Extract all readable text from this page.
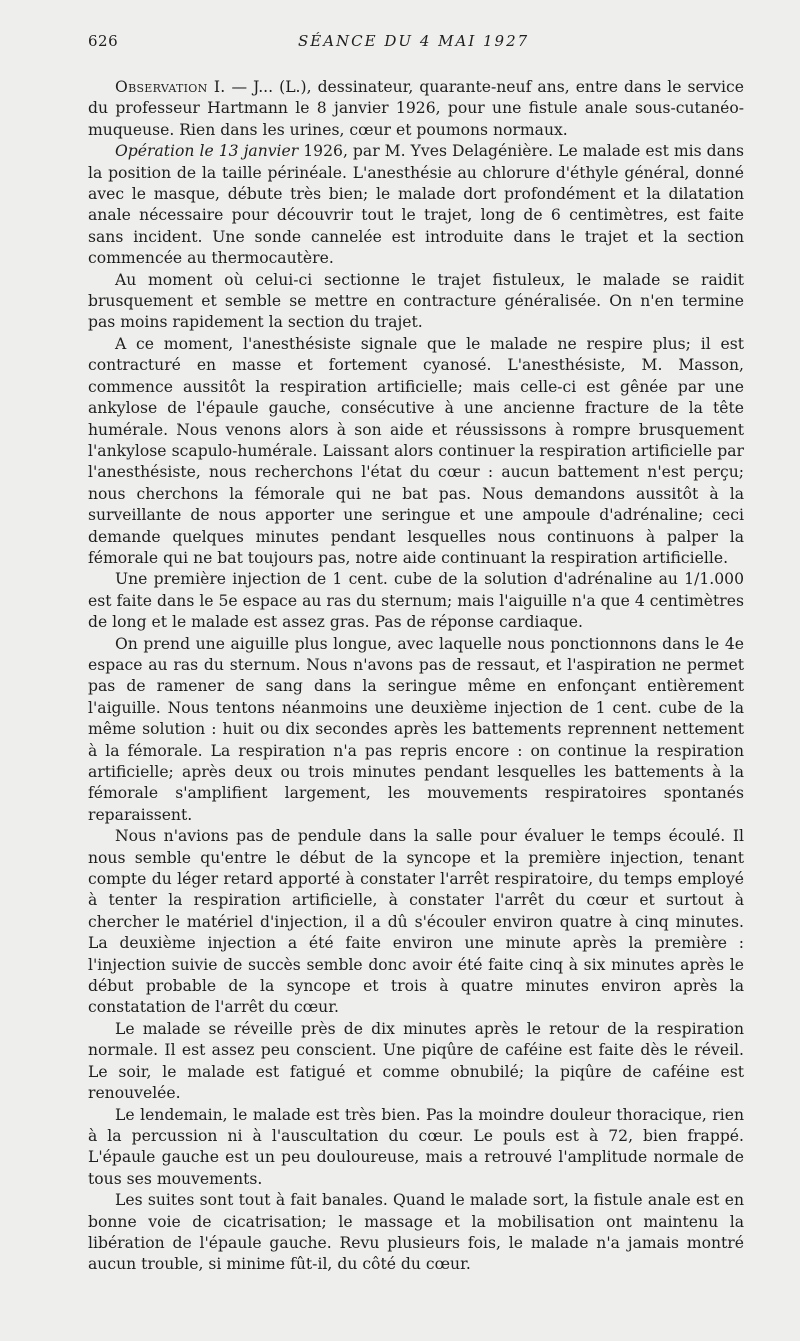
626	SÉANCE DU 4 MAI 1927

Observation I. — J... (L.), dessinateur, quarante-neuf ans, entre dans le service du professeur Hartmann le 8 janvier 1926, pour une fistule anale sous-cutanéo-muqueuse. Rien dans les urines, cœur et poumons normaux.

Opération le 13 janvier 1926, par M. Yves Delagénière. Le malade est mis dans la position de la taille périnéale. L'anesthésie au chlorure d'éthyle général, donné avec le masque, débute très bien; le malade dort profondément et la dilatation anale nécessaire pour découvrir tout le trajet, long de 6 centimètres, est faite sans incident. Une sonde cannelée est introduite dans le trajet et la section commencée au thermocautère.

Au moment où celui-ci sectionne le trajet fistuleux, le malade se raidit brusquement et semble se mettre en contracture généralisée. On n'en termine pas moins rapidement la section du trajet.

A ce moment, l'anesthésiste signale que le malade ne respire plus; il est contracturé en masse et fortement cyanosé. L'anesthésiste, M. Masson, commence aussitôt la respiration artificielle; mais celle-ci est gênée par une ankylose de l'épaule gauche, consécutive à une ancienne fracture de la tête humérale. Nous venons alors à son aide et réussissons à rompre brusquement l'ankylose scapulo-humérale. Laissant alors continuer la respiration artificielle par l'anesthésiste, nous recherchons l'état du cœur : aucun battement n'est perçu; nous cherchons la fémorale qui ne bat pas. Nous demandons aussitôt à la surveillante de nous apporter une seringue et une ampoule d'adrénaline; ceci demande quelques minutes pendant lesquelles nous continuons à palper la fémorale qui ne bat toujours pas, notre aide continuant la respiration artificielle.

Une première injection de 1 cent. cube de la solution d'adrénaline au 1/1.000 est faite dans le 5e espace au ras du sternum; mais l'aiguille n'a que 4 centimètres de long et le malade est assez gras. Pas de réponse cardiaque.

On prend une aiguille plus longue, avec laquelle nous ponctionnons dans le 4e espace au ras du sternum. Nous n'avons pas de ressaut, et l'aspiration ne permet pas de ramener de sang dans la seringue même en enfonçant entièrement l'aiguille. Nous tentons néanmoins une deuxième injection de 1 cent. cube de la même solution : huit ou dix secondes après les battements reprennent nettement à la fémorale. La respiration n'a pas repris encore : on continue la respiration artificielle; après deux ou trois minutes pendant lesquelles les battements à la fémorale s'amplifient largement, les mouvements respiratoires spontanés reparaissent.

Nous n'avions pas de pendule dans la salle pour évaluer le temps écoulé. Il nous semble qu'entre le début de la syncope et la première injection, tenant compte du léger retard apporté à constater l'arrêt respiratoire, du temps employé à tenter la respiration artificielle, à constater l'arrêt du cœur et surtout à chercher le matériel d'injection, il a dû s'écouler environ quatre à cinq minutes. La deuxième injection a été faite environ une minute après la première : l'injection suivie de succès semble donc avoir été faite cinq à six minutes après le début probable de la syncope et trois à quatre minutes environ après la constatation de l'arrêt du cœur.

Le malade se réveille près de dix minutes après le retour de la respiration normale. Il est assez peu conscient. Une piqûre de caféine est faite dès le réveil. Le soir, le malade est fatigué et comme obnubilé; la piqûre de caféine est renouvelée.

Le lendemain, le malade est très bien. Pas la moindre douleur thoracique, rien à la percussion ni à l'auscultation du cœur. Le pouls est à 72, bien frappé. L'épaule gauche est un peu douloureuse, mais a retrouvé l'amplitude normale de tous ses mouvements.

Les suites sont tout à fait banales. Quand le malade sort, la fistule anale est en bonne voie de cicatrisation; le massage et la mobilisation ont maintenu la libération de l'épaule gauche. Revu plusieurs fois, le malade n'a jamais montré aucun trouble, si minime fût-il, du côté du cœur.
